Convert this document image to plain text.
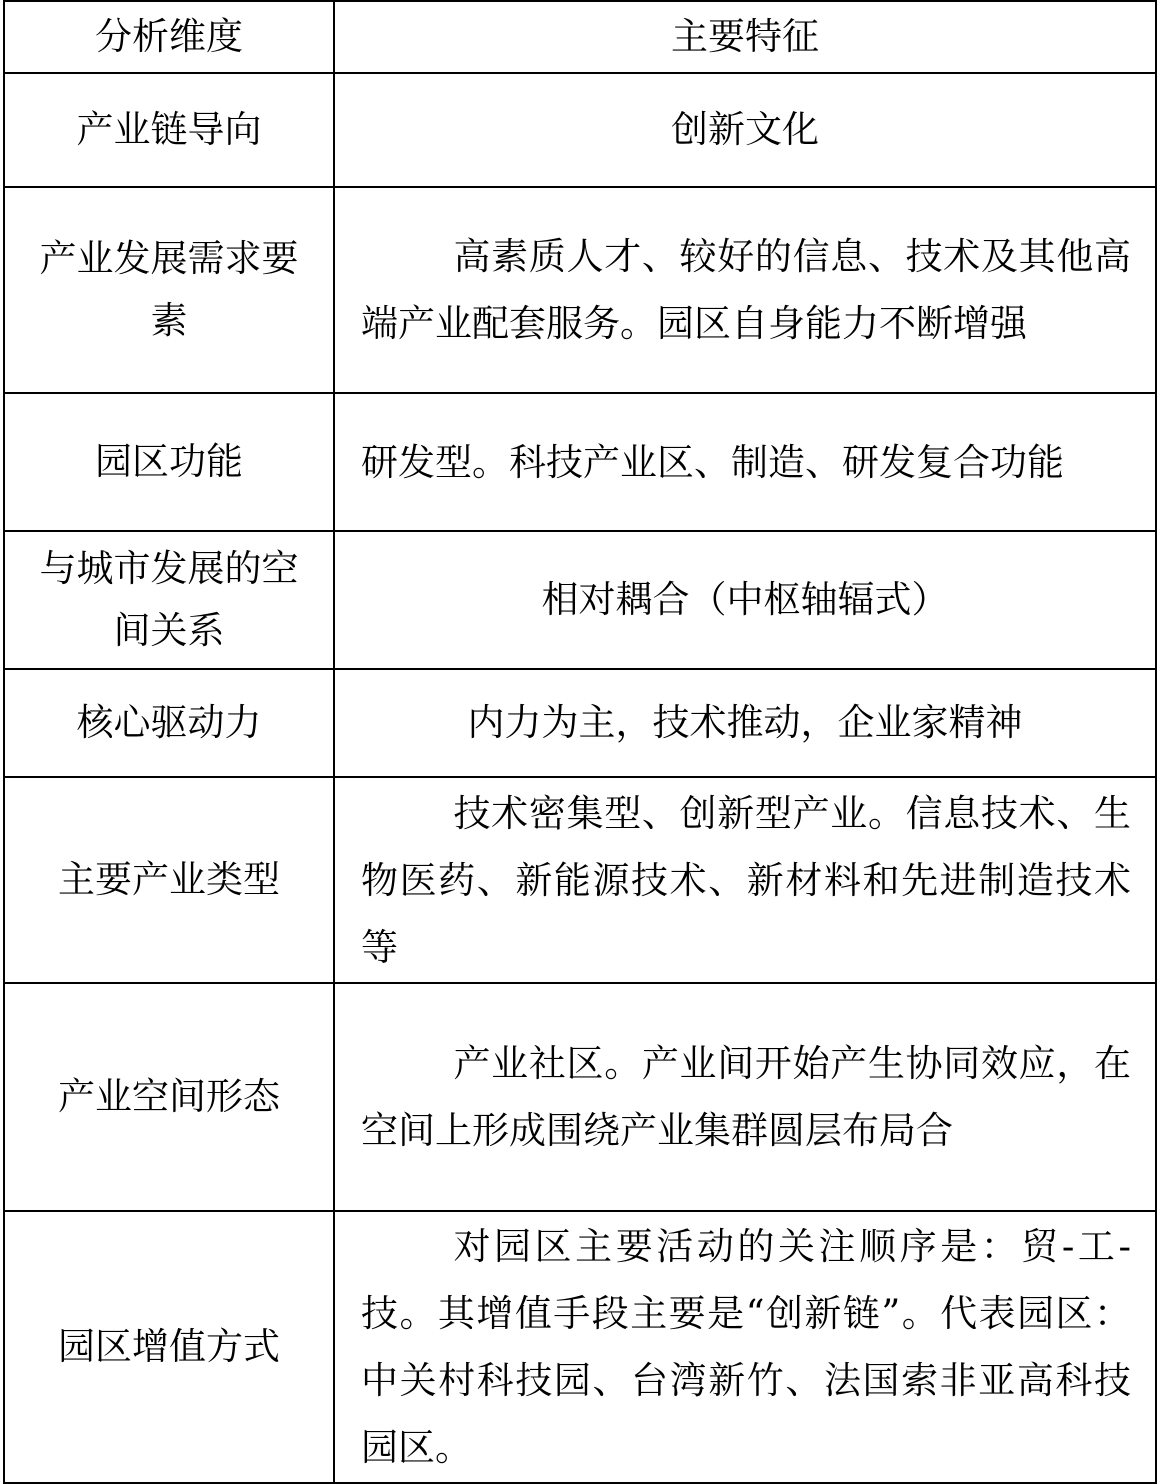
分析维度	主要特征
产业链导向	创新文化
产业发展需求要素	高素质人才、较好的信息、技术及其他高端产业配套服务。园区自身能力不断增强
园区功能	研发型。科技产业区、制造、研发复合功能
与城市发展的空间关系	相对耦合（中枢轴辐式）
核心驱动力	内力为主，技术推动，企业家精神
主要产业类型	技术密集型、创新型产业。信息技术、生物医药、新能源技术、新材料和先进制造技术等
产业空间形态	产业社区。产业间开始产生协同效应，在空间上形成围绕产业集群圆层布局合
园区增值方式	对园区主要活动的关注顺序是：贸-工-技。其增值手段主要是“创新链”。代表园区：中关村科技园、台湾新竹、法国索非亚高科技园区。
